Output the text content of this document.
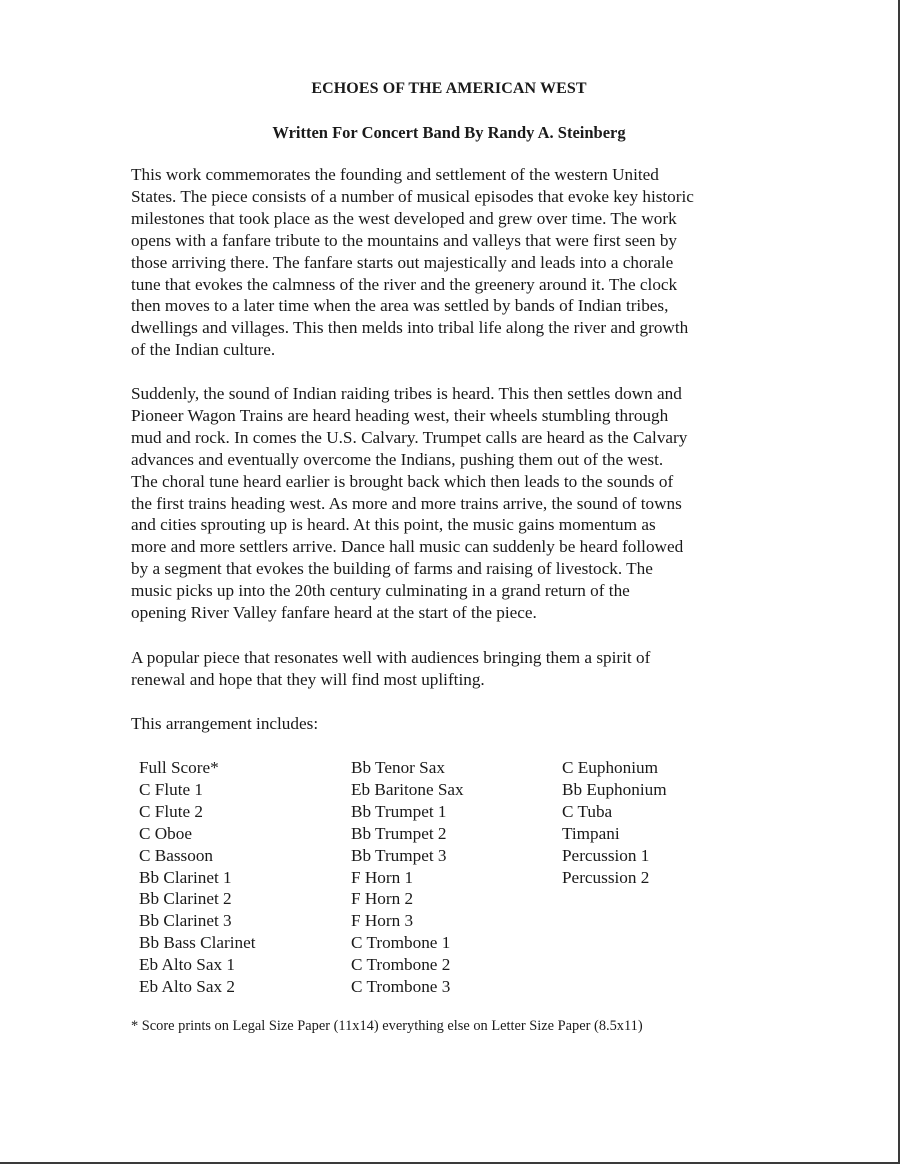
ECHOES OF THE AMERICAN WEST
Written For Concert Band By Randy A. Steinberg
This work commemorates the founding and settlement of the western United
States. The piece consists of a number of musical episodes that evoke key historic
milestones that took place as the west developed and grew over time. The work
opens with a fanfare tribute to the mountains and valleys that were first seen by
those arriving there. The fanfare starts out majestically and leads into a chorale
tune that evokes the calmness of the river and the greenery around it. The clock
then moves to a later time when the area was settled by bands of Indian tribes,
dwellings and villages. This then melds into tribal life along the river and growth
of the Indian culture.
Suddenly, the sound of Indian raiding tribes is heard. This then settles down and
Pioneer Wagon Trains are heard heading west, their wheels stumbling through
mud and rock. In comes the U.S. Calvary. Trumpet calls are heard as the Calvary
advances and eventually overcome the Indians, pushing them out of the west.
The choral tune heard earlier is brought back which then leads to the sounds of
the first trains heading west. As more and more trains arrive, the sound of towns
and cities sprouting up is heard. At this point, the music gains momentum as
more and more settlers arrive. Dance hall music can suddenly be heard followed
by a segment that evokes the building of farms and raising of livestock. The
music picks up into the 20th century culminating in a grand return of the
opening River Valley fanfare heard at the start of the piece.
A popular piece that resonates well with audiences bringing them a spirit of
renewal and hope that they will find most uplifting.
This arrangement includes:
Full Score*
C Flute 1
C Flute 2
C Oboe
C Bassoon
Bb Clarinet 1
Bb Clarinet 2
Bb Clarinet 3
Bb Bass Clarinet
Eb Alto Sax 1
Eb Alto Sax 2
Bb Tenor Sax
Eb Baritone Sax
Bb Trumpet 1
Bb Trumpet 2
Bb Trumpet 3
F Horn 1
F Horn 2
F Horn 3
C Trombone 1
C Trombone 2
C Trombone 3
C Euphonium
Bb Euphonium
C Tuba
Timpani
Percussion 1
Percussion 2
* Score prints on Legal Size Paper (11x14) everything else on Letter Size Paper (8.5x11)
